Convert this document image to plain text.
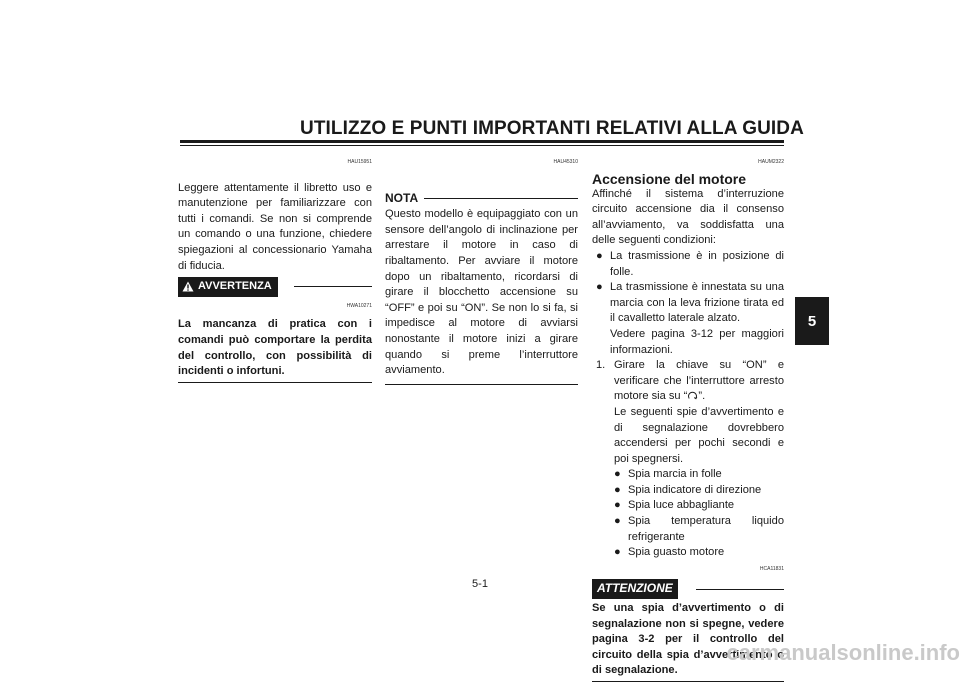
UTILIZZO E PUNTI IMPORTANTI RELATIVI ALLA GUIDA
5
HAU15951

Leggere attentamente il libretto uso e manutenzione per familiarizzare con tutti i comandi. Se non si comprende un comando o una funzione, chiedere spiegazioni al concessionario Yamaha di fiducia.

AVVERTENZA
HWA10271

La mancanza di pratica con i comandi può comportare la perdita del controllo, con possibilità di incidenti o infortuni.

HAU45310
NOTA

Questo modello è equipaggiato con un sensore dell’angolo di inclinazione per arrestare il motore in caso di ribaltamento. Per avviare il motore dopo un ribaltamento, ricordarsi di girare il blocchetto accensione su “OFF” e poi su “ON”. Se non lo si fa, si impedisce al motore di avviarsi nonostante il motore inizi a girare quando si preme l’interruttore avviamento.

HAUM2322
Accensione del motore

Affinché il sistema d’interruzione circuito accensione dia il consenso all’avviamento, va soddisfatta una delle seguenti condizioni:

● La trasmissione è in posizione di folle.
● La trasmissione è innestata su una marcia con la leva frizione tirata ed il cavalletto laterale alzato.

Vedere pagina 3-12 per maggiori informazioni.

1. Girare la chiave su “ON” e verificare che l’interruttore arresto motore sia su “ ”.
Le seguenti spie d’avvertimento e di segnalazione dovrebbero accendersi per pochi secondi e poi spegnersi.
● Spia marcia in folle
● Spia indicatore di direzione
● Spia luce abbagliante
● Spia temperatura liquido refrigerante
● Spia guasto motore
HCA11831
ATTENZIONE

Se una spia d’avvertimento o di segnalazione non si spegne, vedere pagina 3-2 per il controllo del circuito della spia d’avvertimento o di segnalazione.

5-1
carmanualsonline.info
